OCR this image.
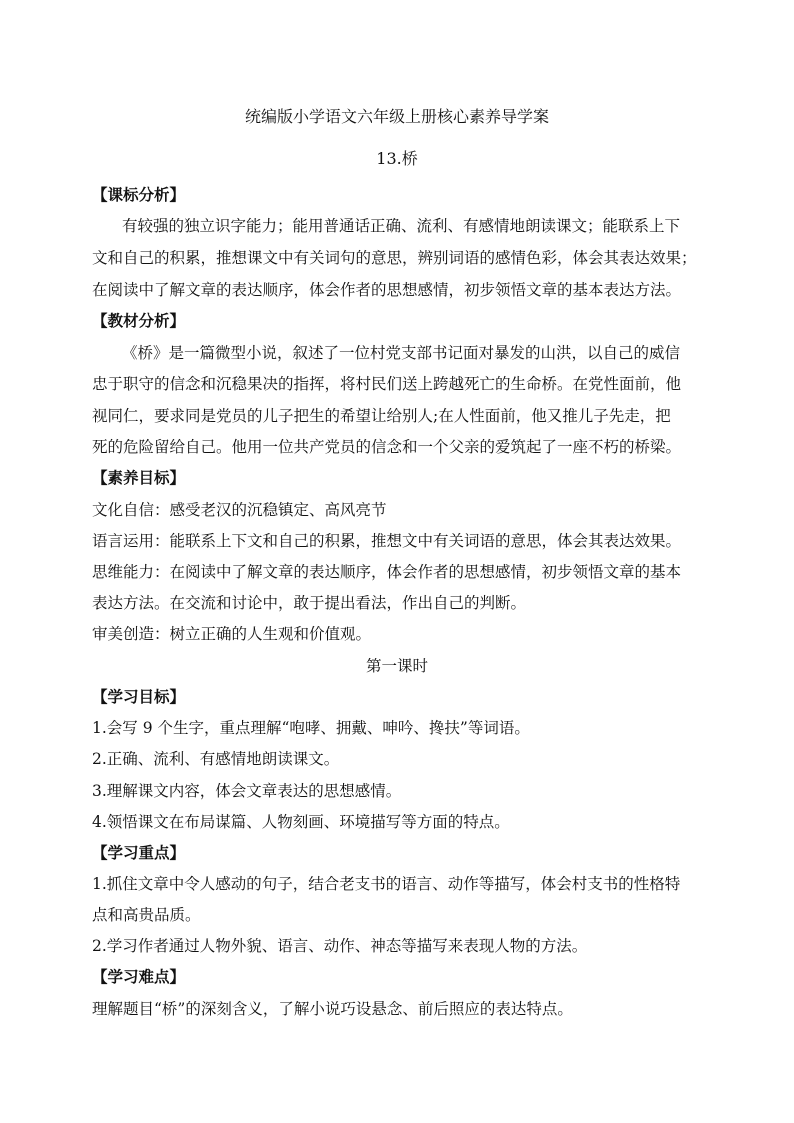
统编版小学语文六年级上册核心素养导学案
13.桥
【课标分析】
有较强的独立识字能力；能用普通话正确、流利、有感情地朗读课文；能联系上下
文和自己的积累，推想课文中有关词句的意思，辨别词语的感情色彩，体会其表达效果；
在阅读中了解文章的表达顺序，体会作者的思想感情，初步领悟文章的基本表达方法。
【教材分析】
《桥》是一篇微型小说，叙述了一位村党支部书记面对暴发的山洪，以自己的威信
忠于职守的信念和沉稳果决的指挥，将村民们送上跨越死亡的生命桥。在党性面前，他
视同仁，要求同是党员的儿子把生的希望让给别人;在人性面前，他又推儿子先走，把
死的危险留给自己。他用一位共产党员的信念和一个父亲的爱筑起了一座不朽的桥梁。
【素养目标】
文化自信：感受老汉的沉稳镇定、高风亮节
语言运用：能联系上下文和自己的积累，推想文中有关词语的意思，体会其表达效果。
思维能力：在阅读中了解文章的表达顺序，体会作者的思想感情，初步领悟文章的基本
表达方法。在交流和讨论中，敢于提出看法，作出自己的判断。
审美创造：树立正确的人生观和价值观。
第一课时
【学习目标】
1.会写 9 个生字，重点理解“咆哮、拥戴、呻吟、搀扶”等词语。
2.正确、流利、有感情地朗读课文。
3.理解课文内容，体会文章表达的思想感情。
4.领悟课文在布局谋篇、人物刻画、环境描写等方面的特点。
【学习重点】
1.抓住文章中令人感动的句子，结合老支书的语言、动作等描写，体会村支书的性格特
点和高贵品质。
2.学习作者通过人物外貌、语言、动作、神态等描写来表现人物的方法。
【学习难点】
理解题目“桥”的深刻含义，了解小说巧设悬念、前后照应的表达特点。
